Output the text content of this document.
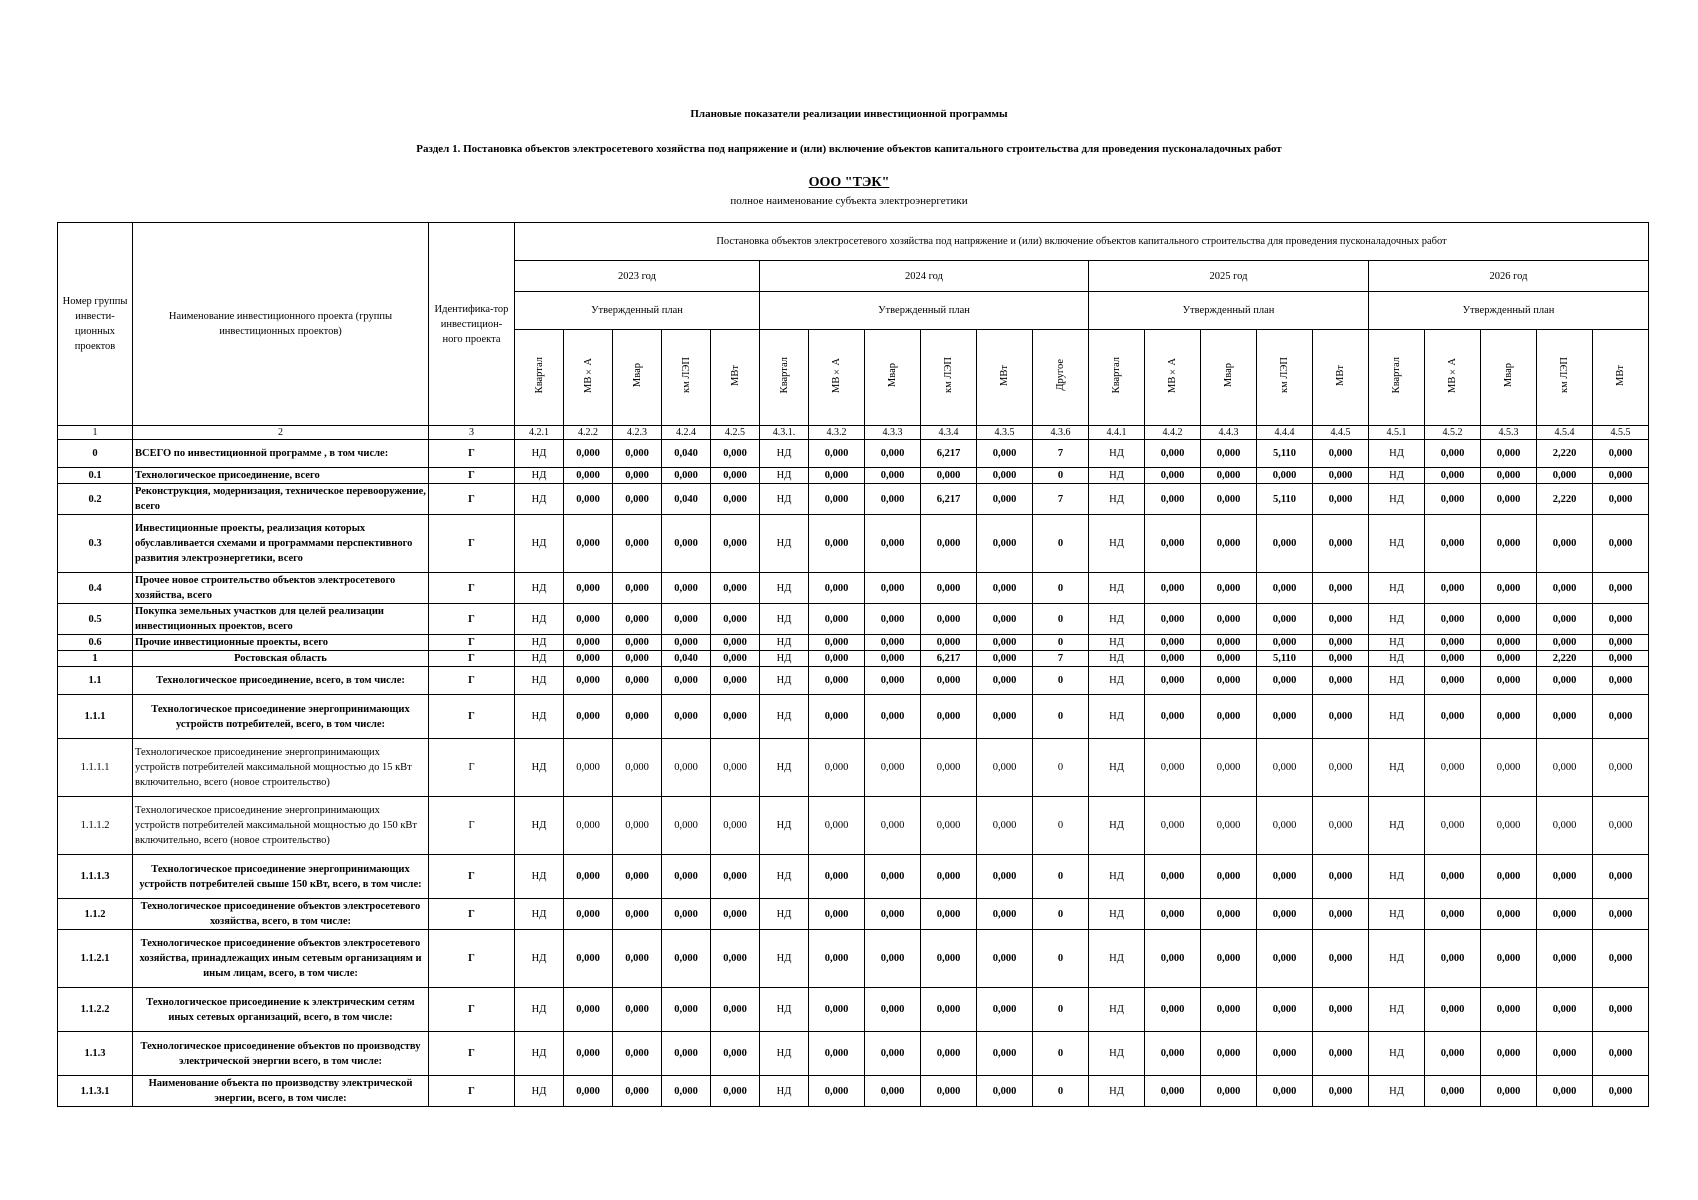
Плановые показатели реализации инвестиционной программы
Раздел 1. Постановка объектов электросетевого хозяйства под напряжение и (или) включение объектов капитального строительства для проведения пусконаладочных работ
ООО "ТЭК"
полное наименование субъекта электроэнергетики
Номер группы инвести-ционных проектов	Наименование инвестиционного проекта (группы инвестиционных проектов)	Идентифика-тор инвестицион-ного проекта	Постановка объектов электросетевого хозяйства под напряжение и (или) включение объектов капитального строительства для проведения пусконаладочных работ																				
			2023 год					2024 год						2025 год					2026 год				
			Утвержденный план					Утвержденный план						Утвержденный план					Утвержденный план				
			Квартал	МВ×А	Мвар	км ЛЭП	МВт	Квартал	МВ×А	Мвар	км ЛЭП	МВт	Другое	Квартал	МВ×А	Мвар	км ЛЭП	МВт	Квартал	МВ×А	Мвар	км ЛЭП	МВт
1	2	3	4.2.1	4.2.2	4.2.3	4.2.4	4.2.5	4.3.1.	4.3.2	4.3.3	4.3.4	4.3.5	4.3.6	4.4.1	4.4.2	4.4.3	4.4.4	4.4.5	4.5.1	4.5.2	4.5.3	4.5.4	4.5.5
0	ВСЕГО по инвестиционной программе , в том числе:	Г	НД	0,000	0,000	0,040	0,000	НД	0,000	0,000	6,217	0,000	7	НД	0,000	0,000	5,110	0,000	НД	0,000	0,000	2,220	0,000
0.1	Технологическое присоединение, всего	Г	НД	0,000	0,000	0,000	0,000	НД	0,000	0,000	0,000	0,000	0	НД	0,000	0,000	0,000	0,000	НД	0,000	0,000	0,000	0,000
0.2	Реконструкция, модернизация, техническое перевооружение, всего	Г	НД	0,000	0,000	0,040	0,000	НД	0,000	0,000	6,217	0,000	7	НД	0,000	0,000	5,110	0,000	НД	0,000	0,000	2,220	0,000
0.3	Инвестиционные проекты, реализация которых обуславливается схемами и программами перспективного развития электроэнергетики, всего	Г	НД	0,000	0,000	0,000	0,000	НД	0,000	0,000	0,000	0,000	0	НД	0,000	0,000	0,000	0,000	НД	0,000	0,000	0,000	0,000
0.4	Прочее новое строительство объектов электросетевого хозяйства, всего	Г	НД	0,000	0,000	0,000	0,000	НД	0,000	0,000	0,000	0,000	0	НД	0,000	0,000	0,000	0,000	НД	0,000	0,000	0,000	0,000
0.5	Покупка земельных участков для целей реализации инвестиционных проектов, всего	Г	НД	0,000	0,000	0,000	0,000	НД	0,000	0,000	0,000	0,000	0	НД	0,000	0,000	0,000	0,000	НД	0,000	0,000	0,000	0,000
0.6	Прочие инвестиционные проекты, всего	Г	НД	0,000	0,000	0,000	0,000	НД	0,000	0,000	0,000	0,000	0	НД	0,000	0,000	0,000	0,000	НД	0,000	0,000	0,000	0,000
1	Ростовская область	Г	НД	0,000	0,000	0,040	0,000	НД	0,000	0,000	6,217	0,000	7	НД	0,000	0,000	5,110	0,000	НД	0,000	0,000	2,220	0,000
1.1	Технологическое присоединение, всего, в том числе:	Г	НД	0,000	0,000	0,000	0,000	НД	0,000	0,000	0,000	0,000	0	НД	0,000	0,000	0,000	0,000	НД	0,000	0,000	0,000	0,000
1.1.1	Технологическое присоединение энергопринимающих устройств потребителей, всего, в том числе:	Г	НД	0,000	0,000	0,000	0,000	НД	0,000	0,000	0,000	0,000	0	НД	0,000	0,000	0,000	0,000	НД	0,000	0,000	0,000	0,000
1.1.1.1	Технологическое присоединение энергопринимающих устройств потребителей максимальной мощностью до 15 кВт включительно, всего (новое строительство)	Г	НД	0,000	0,000	0,000	0,000	НД	0,000	0,000	0,000	0,000	0	НД	0,000	0,000	0,000	0,000	НД	0,000	0,000	0,000	0,000
1.1.1.2	Технологическое присоединение энергопринимающих устройств потребителей максимальной мощностью до 150 кВт включительно, всего (новое строительство)	Г	НД	0,000	0,000	0,000	0,000	НД	0,000	0,000	0,000	0,000	0	НД	0,000	0,000	0,000	0,000	НД	0,000	0,000	0,000	0,000
1.1.1.3	Технологическое присоединение энергопринимающих устройств потребителей свыше 150 кВт, всего, в том числе:	Г	НД	0,000	0,000	0,000	0,000	НД	0,000	0,000	0,000	0,000	0	НД	0,000	0,000	0,000	0,000	НД	0,000	0,000	0,000	0,000
1.1.2	Технологическое присоединение объектов электросетевого хозяйства, всего, в том числе:	Г	НД	0,000	0,000	0,000	0,000	НД	0,000	0,000	0,000	0,000	0	НД	0,000	0,000	0,000	0,000	НД	0,000	0,000	0,000	0,000
1.1.2.1	Технологическое присоединение объектов электросетевого хозяйства, принадлежащих иным сетевым организациям и иным лицам, всего, в том числе:	Г	НД	0,000	0,000	0,000	0,000	НД	0,000	0,000	0,000	0,000	0	НД	0,000	0,000	0,000	0,000	НД	0,000	0,000	0,000	0,000
1.1.2.2	Технологическое присоединение к электрическим сетям иных сетевых организаций, всего, в том числе:	Г	НД	0,000	0,000	0,000	0,000	НД	0,000	0,000	0,000	0,000	0	НД	0,000	0,000	0,000	0,000	НД	0,000	0,000	0,000	0,000
1.1.3	Технологическое присоединение объектов по производству электрической энергии всего, в том числе:	Г	НД	0,000	0,000	0,000	0,000	НД	0,000	0,000	0,000	0,000	0	НД	0,000	0,000	0,000	0,000	НД	0,000	0,000	0,000	0,000
1.1.3.1	Наименование объекта по производству электрической энергии, всего, в том числе:	Г	НД	0,000	0,000	0,000	0,000	НД	0,000	0,000	0,000	0,000	0	НД	0,000	0,000	0,000	0,000	НД	0,000	0,000	0,000	0,000
